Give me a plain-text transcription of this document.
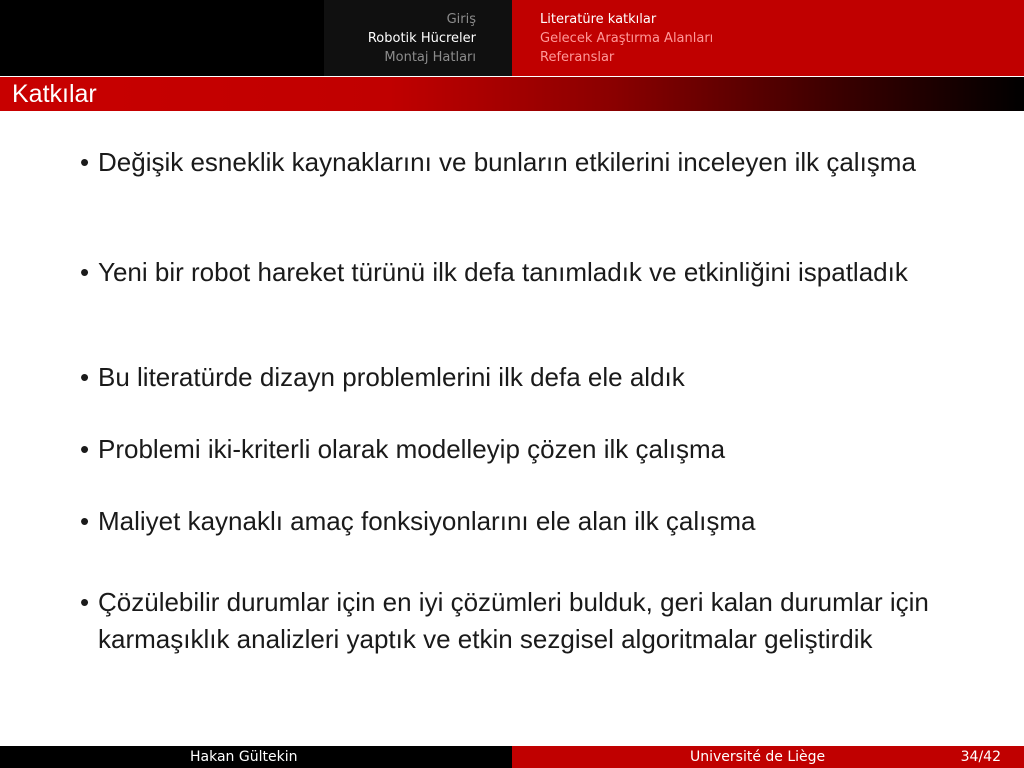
Giriş
Robotik Hücreler
Montaj Hatları
Literatüre katkılar
Gelecek Araştırma Alanları
Referanslar
Katkılar
• Değişik esneklik kaynaklarını ve bunların etkilerini inceleyen ilk çalışma
• Yeni bir robot hareket türünü ilk defa tanımladık ve etkinliğini ispatladık
• Bu literatürde dizayn problemlerini ilk defa ele aldık
• Problemi iki-kriterli olarak modelleyip çözen ilk çalışma
• Maliyet kaynaklı amaç fonksiyonlarını ele alan ilk çalışma
• Çözülebilir durumlar için en iyi çözümleri bulduk, geri kalan durumlar için karmaşıklık analizleri yaptık ve etkin sezgisel algoritmalar geliştirdik
Hakan Gültekin	Université de Liège	34/42
